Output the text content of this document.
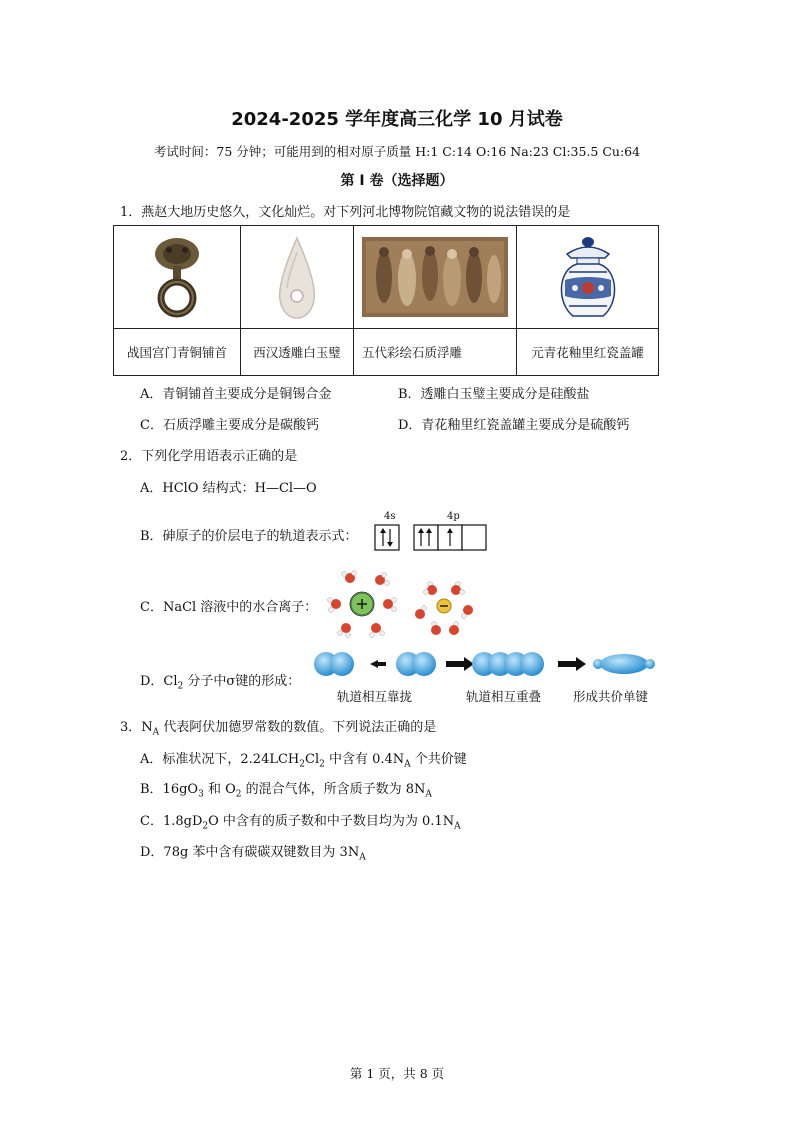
2024-2025 学年度高三化学 10 月试卷
考试时间：75 分钟；可能用到的相对原子质量 H:1 C:14 O:16 Na:23 Cl:35.5 Cu:64
第 I 卷（选择题）
1．燕赵大地历史悠久，文化灿烂。对下列河北博物院馆藏文物的说法错误的是

战国宫门青铜铺首	西汉透雕白玉璧	五代彩绘石质浮雕	元青花釉里红瓷盖罐
A．青铜铺首主要成分是铜锡合金	B．透雕白玉璧主要成分是硅酸盐
C．石质浮雕主要成分是碳酸钙	D．青花釉里红瓷盖罐主要成分是硫酸钙
2．下列化学用语表示正确的是
A．HClO 结构式：H—Cl—O
B．砷原子的价层电子的轨道表示式：
4s	4p
C．NaCl 溶液中的水合离子：
D．$Cl_2$ 分子中σ键的形成：
轨道相互靠拢	轨道相互重叠	形成共价单键
3．$N_A$ 代表阿伏加德罗常数的数值。下列说法正确的是
A．标准状况下，$2.24LCH_2Cl_2$ 中含有 $0.4N_A$ 个共价键
B．$16gO_3$ 和 $O_2$ 的混合气体，所含质子数为 $8N_A$
C．$1.8gD_2O$ 中含有的质子数和中子数目均为为 $0.1N_A$
D．78g 苯中含有碳碳双键数目为 $3N_A$
第 1 页，共 8 页
